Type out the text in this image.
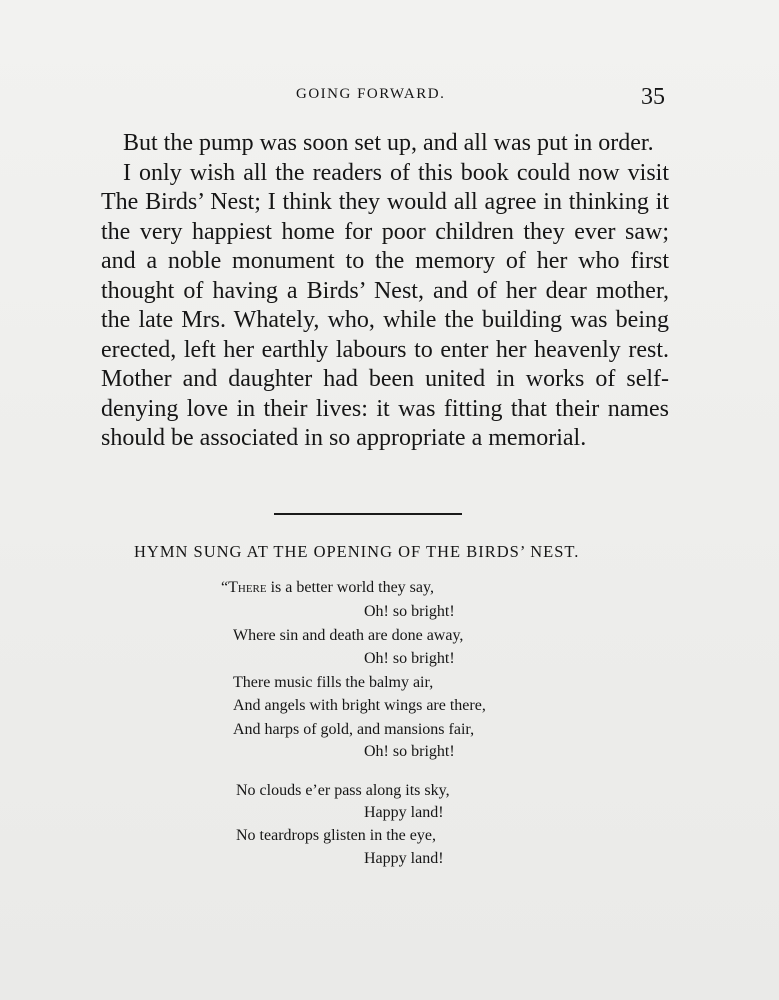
GOING FORWARD.	35

But the pump was soon set up, and all was put in order.

I only wish all the readers of this book could now visit The Birds’ Nest; I think they would all agree in thinking it the very happiest home for poor children they ever saw; and a noble monument to the memory of her who first thought of having a Birds’ Nest, and of her dear mother, the late Mrs. Whately, who, while the building was being erected, left her earthly labours to enter her heavenly rest. Mother and daughter had been united in works of self-denying love in their lives: it was fitting that their names should be associated in so appropriate a memorial.

HYMN SUNG AT THE OPENING OF THE BIRDS’ NEST.
“There is a better world they say,
Oh! so bright!
Where sin and death are done away,
Oh! so bright!
There music fills the balmy air,
And angels with bright wings are there,
And harps of gold, and mansions fair,
Oh! so bright!
No clouds e’er pass along its sky,
Happy land!
No teardrops glisten in the eye,
Happy land!
